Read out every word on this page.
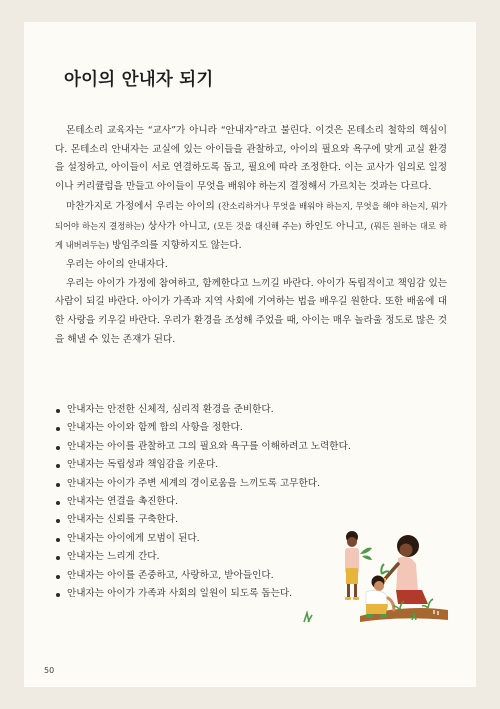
아이의 안내자 되기

몬테소리 교육자는 “교사”가 아니라 “안내자”라고 불린다. 이것은 몬테소리 철학의 핵심이다. 몬테소리 안내자는 교실에 있는 아이들을 관찰하고, 아이의 필요와 욕구에 맞게 교실 환경을 설정하고, 아이들이 서로 연결하도록 돕고, 필요에 따라 조정한다. 이는 교사가 임의로 일정이나 커리큘럼을 만들고 아이들이 무엇을 배워야 하는지 결정해서 가르치는 것과는 다르다.

마찬가지로 가정에서 우리는 아이의 (잔소리하거나 무엇을 배워야 하는지, 무엇을 해야 하는지, 뭐가 되어야 하는지 결정하는) 상사가 아니고, (모든 것을 대신해 주는) 하인도 아니고, (뭐든 원하는 대로 하게 내버려두는) 방임주의를 지향하지도 않는다.

우리는 아이의 안내자다.

우리는 아이가 가정에 참여하고, 함께한다고 느끼길 바란다. 아이가 독립적이고 책임감 있는 사람이 되길 바란다. 아이가 가족과 지역 사회에 기여하는 법을 배우길 원한다. 또한 배움에 대한 사랑을 키우길 바란다. 우리가 환경을 조성해 주었을 때, 아이는 매우 놀라울 정도로 많은 것을 해낼 수 있는 존재가 된다.

안내자는 안전한 신체적, 심리적 환경을 준비한다.
안내자는 아이와 함께 합의 사항을 정한다.
안내자는 아이를 관찰하고 그의 필요와 욕구를 이해하려고 노력한다.
안내자는 독립성과 책임감을 키운다.
안내자는 아이가 주변 세계의 경이로움을 느끼도록 고무한다.
안내자는 연결을 촉진한다.
안내자는 신뢰를 구축한다.
안내자는 아이에게 모범이 된다.
안내자는 느리게 간다.
안내자는 아이를 존중하고, 사랑하고, 받아들인다.
안내자는 아이가 가족과 사회의 일원이 되도록 돕는다.
50
